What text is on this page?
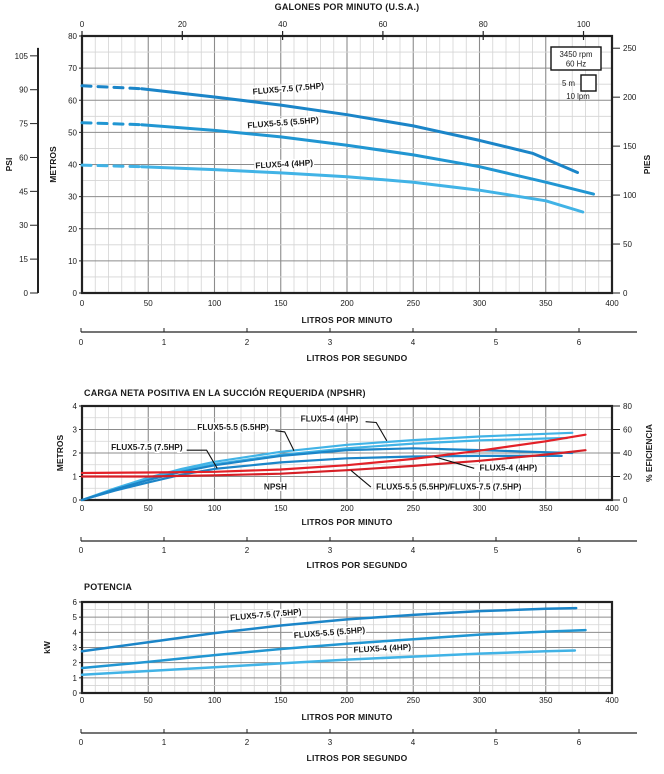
0	50	100	150	200	250	300	350	400
0
10
20
30
40
50
60
70
80
METROS
0
50
100
150
200
250
PIES
0
15
30
45
60
75
90
105
PSI
0	20	40	60	80	100
0	1	2	3	4	5	6
FLUX5-7.5 (7.5HP)
FLUX5-5.5 (5.5HP)
FLUX5-4 (4HP)
3450 rpm
60 Hz
5 m
10 lpm
0	50	100	150	200	250	300	350	400
0
1
2
3
4
METROS
0
20
40
60
80
% EFICIENCIA
0	1	2	3	4	5	6
FLUX5-7.5 (7.5HP)
FLUX5-5.5 (5.5HP)
FLUX5-4 (4HP)
FLUX5-4 (4HP)
FLUX5-5.5 (5.5HP)/FLUX5-7.5 (7.5HP)
NPSH
0	50	100	150	200	250	300	350	400
0
1
2
3
4
5
6
kW
0	1	2	3	4	5	6
FLUX5-7.5 (7.5HP)
FLUX5-5.5 (5.5HP)
FLUX5-4 (4HP)
GALONES POR MINUTO (U.S.A.)
LITROS POR MINUTO
LITROS POR SEGUNDO
CARGA NETA POSITIVA EN LA SUCCIÓN REQUERIDA (NPSHR)
LITROS POR MINUTO
LITROS POR SEGUNDO
POTENCIA
LITROS POR MINUTO
LITROS POR SEGUNDO
